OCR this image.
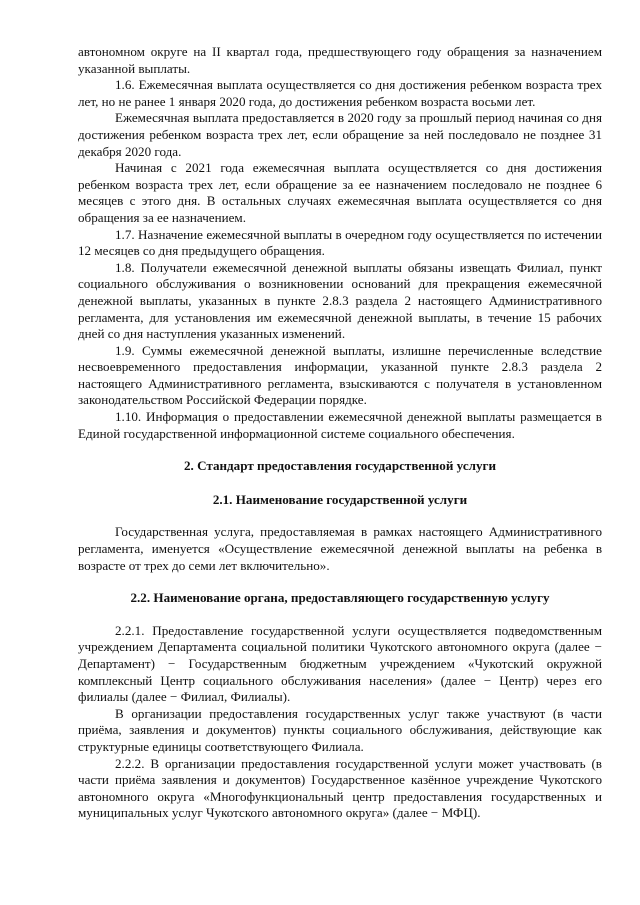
автономном округе на II квартал года, предшествующего году обращения за назначением указанной выплаты.

1.6. Ежемесячная выплата осуществляется со дня достижения ребенком возраста трех лет, но не ранее 1 января 2020 года, до достижения ребенком возраста восьми лет.

Ежемесячная выплата предоставляется в 2020 году за прошлый период начиная со дня достижения ребенком возраста трех лет, если обращение за ней последовало не позднее 31 декабря 2020 года.

Начиная с 2021 года ежемесячная выплата осуществляется со дня достижения ребенком возраста трех лет, если обращение за ее назначением последовало не позднее 6 месяцев с этого дня. В остальных случаях ежемесячная выплата осуществляется со дня обращения за ее назначением.

1.7. Назначение ежемесячной выплаты в очередном году осуществляется по истечении 12 месяцев со дня предыдущего обращения.

1.8. Получатели ежемесячной денежной выплаты обязаны извещать Филиал, пункт социального обслуживания о возникновении оснований для прекращения ежемесячной денежной выплаты, указанных в пункте 2.8.3 раздела 2 настоящего Административного регламента, для установления им ежемесячной денежной выплаты, в течение 15 рабочих дней со дня наступления указанных изменений.

1.9. Суммы ежемесячной денежной выплаты, излишне перечисленные вследствие несвоевременного предоставления информации, указанной пункте 2.8.3 раздела 2 настоящего Административного регламента, взыскиваются с получателя в установленном законодательством Российской Федерации порядке.

1.10. Информация о предоставлении ежемесячной денежной выплаты размещается в Единой государственной информационной системе социального обеспечения.

2. Стандарт предоставления государственной услуги

2.1. Наименование государственной услуги

Государственная услуга, предоставляемая в рамках настоящего Административного регламента, именуется «Осуществление ежемесячной денежной выплаты на ребенка в возрасте от трех до семи лет включительно».

2.2. Наименование органа, предоставляющего государственную услугу

2.2.1. Предоставление государственной услуги осуществляется подведомственным учреждением Департамента социальной политики Чукотского автономного округа (далее − Департамент) − Государственным бюджетным учреждением «Чукотский окружной комплексный Центр социального обслуживания населения» (далее − Центр) через его филиалы (далее − Филиал, Филиалы).

В организации предоставления государственных услуг также участвуют (в части приёма, заявления и документов) пункты социального обслуживания, действующие как структурные единицы соответствующего Филиала.

2.2.2. В организации предоставления государственной услуги может участвовать (в части приёма заявления и документов) Государственное казённое учреждение Чукотского автономного округа «Многофункциональный центр предоставления государственных и муниципальных услуг Чукотского автономного округа» (далее − МФЦ).
